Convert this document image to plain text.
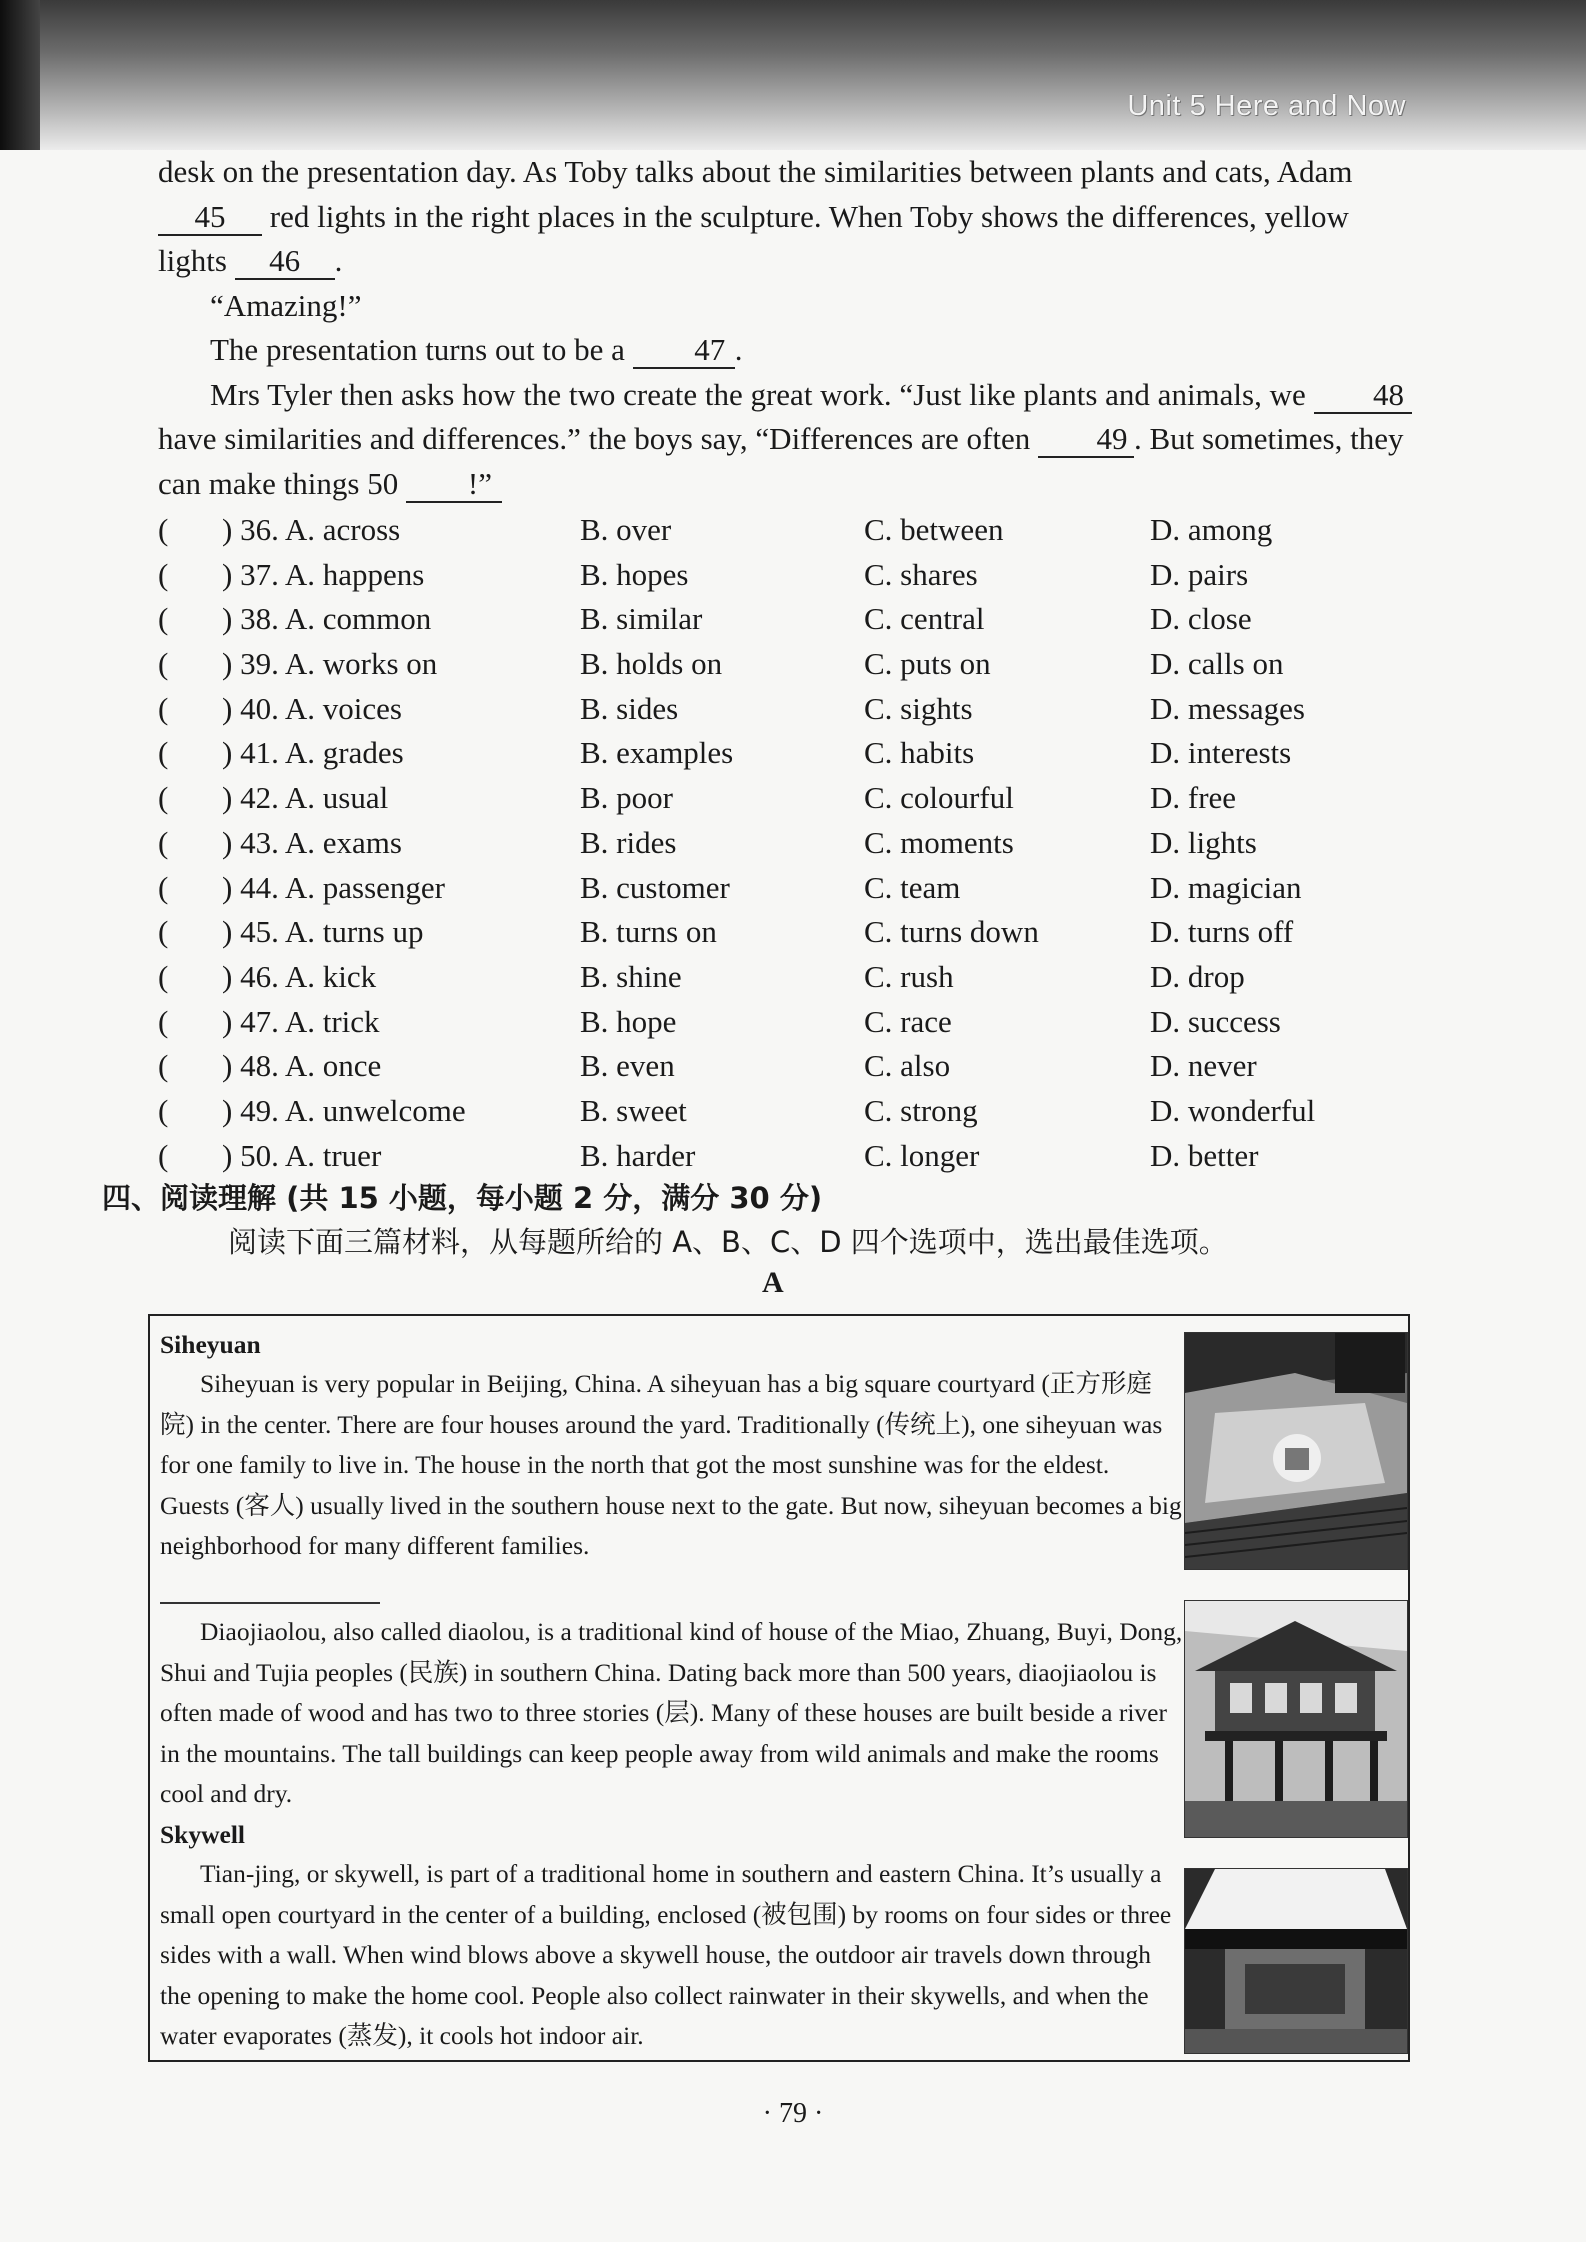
Unit 5 Here and Now

desk on the presentation day. As Toby talks about the similarities between plants and cats, Adam 45 red lights in the right places in the sculpture. When Toby shows the differences, yellow lights 46 .

“Amazing!”

The presentation turns out to be a 47 .

Mrs Tyler then asks how the two create the great work. “Just like plants and animals, we 48 have similarities and differences.” the boys say, “Differences are often 49 . But sometimes, they can make things 50 !”

( ) 36. A. across	B. over	C. between	D. among
( ) 37. A. happens	B. hopes	C. shares	D. pairs
( ) 38. A. common	B. similar	C. central	D. close
( ) 39. A. works on	B. holds on	C. puts on	D. calls on
( ) 40. A. voices	B. sides	C. sights	D. messages
( ) 41. A. grades	B. examples	C. habits	D. interests
( ) 42. A. usual	B. poor	C. colourful	D. free
( ) 43. A. exams	B. rides	C. moments	D. lights
( ) 44. A. passenger	B. customer	C. team	D. magician
( ) 45. A. turns up	B. turns on	C. turns down	D. turns off
( ) 46. A. kick	B. shine	C. rush	D. drop
( ) 47. A. trick	B. hope	C. race	D. success
( ) 48. A. once	B. even	C. also	D. never
( ) 49. A. unwelcome	B. sweet	C. strong	D. wonderful
( ) 50. A. truer	B. harder	C. longer	D. better
四、阅读理解 (共 15 小题，每小题 2 分，满分 30 分)
阅读下面三篇材料，从每题所给的 A、B、C、D 四个选项中，选出最佳选项。
A
Siheyuan

Siheyuan is very popular in Beijing, China. A siheyuan has a big square courtyard (正方形庭院) in the center. There are four houses around the yard. Traditionally (传统上), one siheyuan was for one family to live in. The house in the north that got the most sunshine was for the eldest. Guests (客人) usually lived in the southern house next to the gate. But now, siheyuan becomes a big neighborhood for many different families.

Diaojiaolou, also called diaolou, is a traditional kind of house of the Miao, Zhuang, Buyi, Dong, Shui and Tujia peoples (民族) in southern China. Dating back more than 500 years, diaojiaolou is often made of wood and has two to three stories (层). Many of these houses are built beside a river in the mountains. The tall buildings can keep people away from wild animals and make the rooms cool and dry.

Skywell

Tian-jing, or skywell, is part of a traditional home in southern and eastern China. It’s usually a small open courtyard in the center of a building, enclosed (被包围) by rooms on four sides or three sides with a wall. When wind blows above a skywell house, the outdoor air travels down through the opening to make the home cool. People also collect rainwater in their skywells, and when the water evaporates (蒸发), it cools hot indoor air.

· 79 ·
